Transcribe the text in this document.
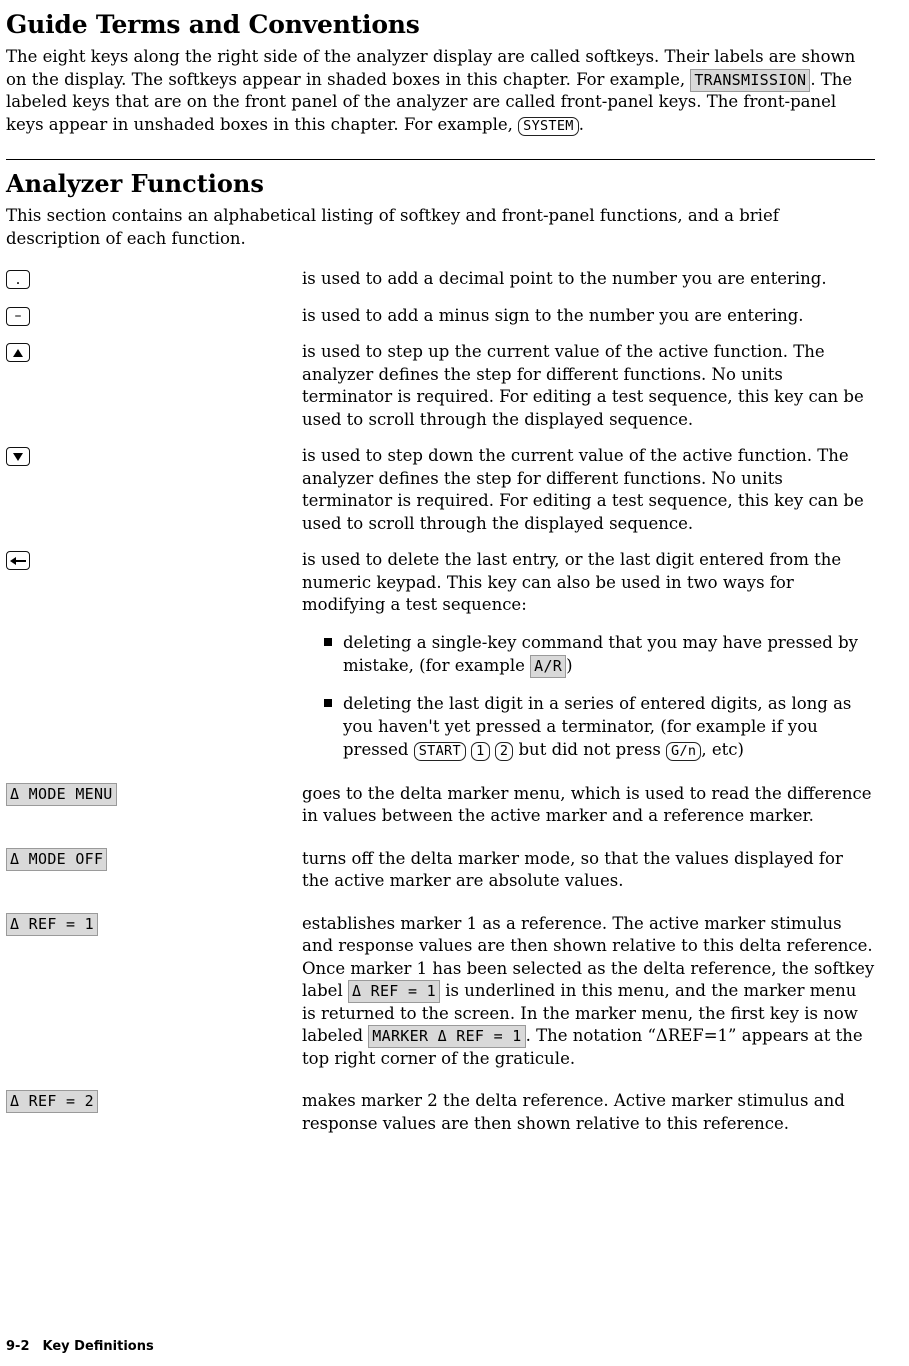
Guide Terms and Conventions
The eight keys along the right side of the analyzer display are called softkeys. Their labels are shown on the display. The softkeys appear in shaded boxes in this chapter. For example, TRANSMISSION . The labeled keys that are on the front panel of the analyzer are called front-panel keys. The front-panel keys appear in unshaded boxes in this chapter. For example, SYSTEM .
Analyzer Functions
This section contains an alphabetical listing of softkey and front-panel functions, and a brief description of each function.
.	is used to add a decimal point to the number you are entering.
–	is used to add a minus sign to the number you are entering.
is used to step up the current value of the active function. The analyzer defines the step for different functions. No units terminator is required. For editing a test sequence, this key can be used to scroll through the displayed sequence.
is used to step down the current value of the active function. The analyzer defines the step for different functions. No units terminator is required. For editing a test sequence, this key can be used to scroll through the displayed sequence.
is used to delete the last entry, or the last digit entered from the numeric keypad. This key can also be used in two ways for modifying a test sequence:
deleting a single-key command that you may have pressed by mistake, (for example A/R )
deleting the last digit in a series of entered digits, as long as you haven't yet pressed a terminator, (for example if you pressed START 1 2 but did not press G/n , etc)
Δ MODE MENU	goes to the delta marker menu, which is used to read the difference in values between the active marker and a reference marker.
Δ MODE OFF	turns off the delta marker mode, so that the values displayed for the active marker are absolute values.
Δ REF = 1	establishes marker 1 as a reference. The active marker stimulus and response values are then shown relative to this delta reference. Once marker 1 has been selected as the delta reference, the softkey label Δ REF = 1 is underlined in this menu, and the marker menu is returned to the screen. In the marker menu, the first key is now labeled MARKER Δ REF = 1 . The notation “ΔREF=1” appears at the top right corner of the graticule.
Δ REF = 2	makes marker 2 the delta reference. Active marker stimulus and response values are then shown relative to this reference.
9-2 Key Definitions
